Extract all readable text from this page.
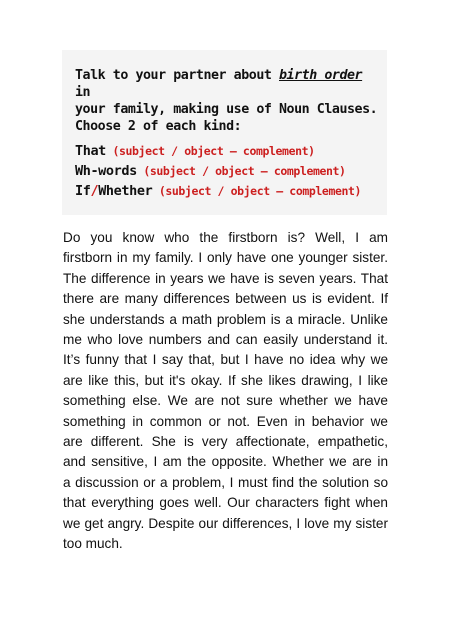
Talk to your partner about birth order in
your family, making use of Noun Clauses.
Choose 2 of each kind:
That (subject / object – complement)
Wh-words (subject / object – complement)
If/Whether (subject / object – complement)
Do you know who the firstborn is? Well, I am
firstborn in my family. I only have one younger sister.
The difference in years we have is seven years. That
there are many differences between us is evident. If
she understands a math problem is a miracle. Unlike
me who love numbers and can easily understand it.
It’s funny that I say that, but I have no idea why we
are like this, but it's okay. If she likes drawing, I like
something else. We are not sure whether we have
something in common or not. Even in behavior we
are different. She is very affectionate, empathetic,
and sensitive, I am the opposite. Whether we are in
a discussion or a problem, I must find the solution so
that everything goes well. Our characters fight when
we get angry. Despite our differences, I love my sister
too much.
